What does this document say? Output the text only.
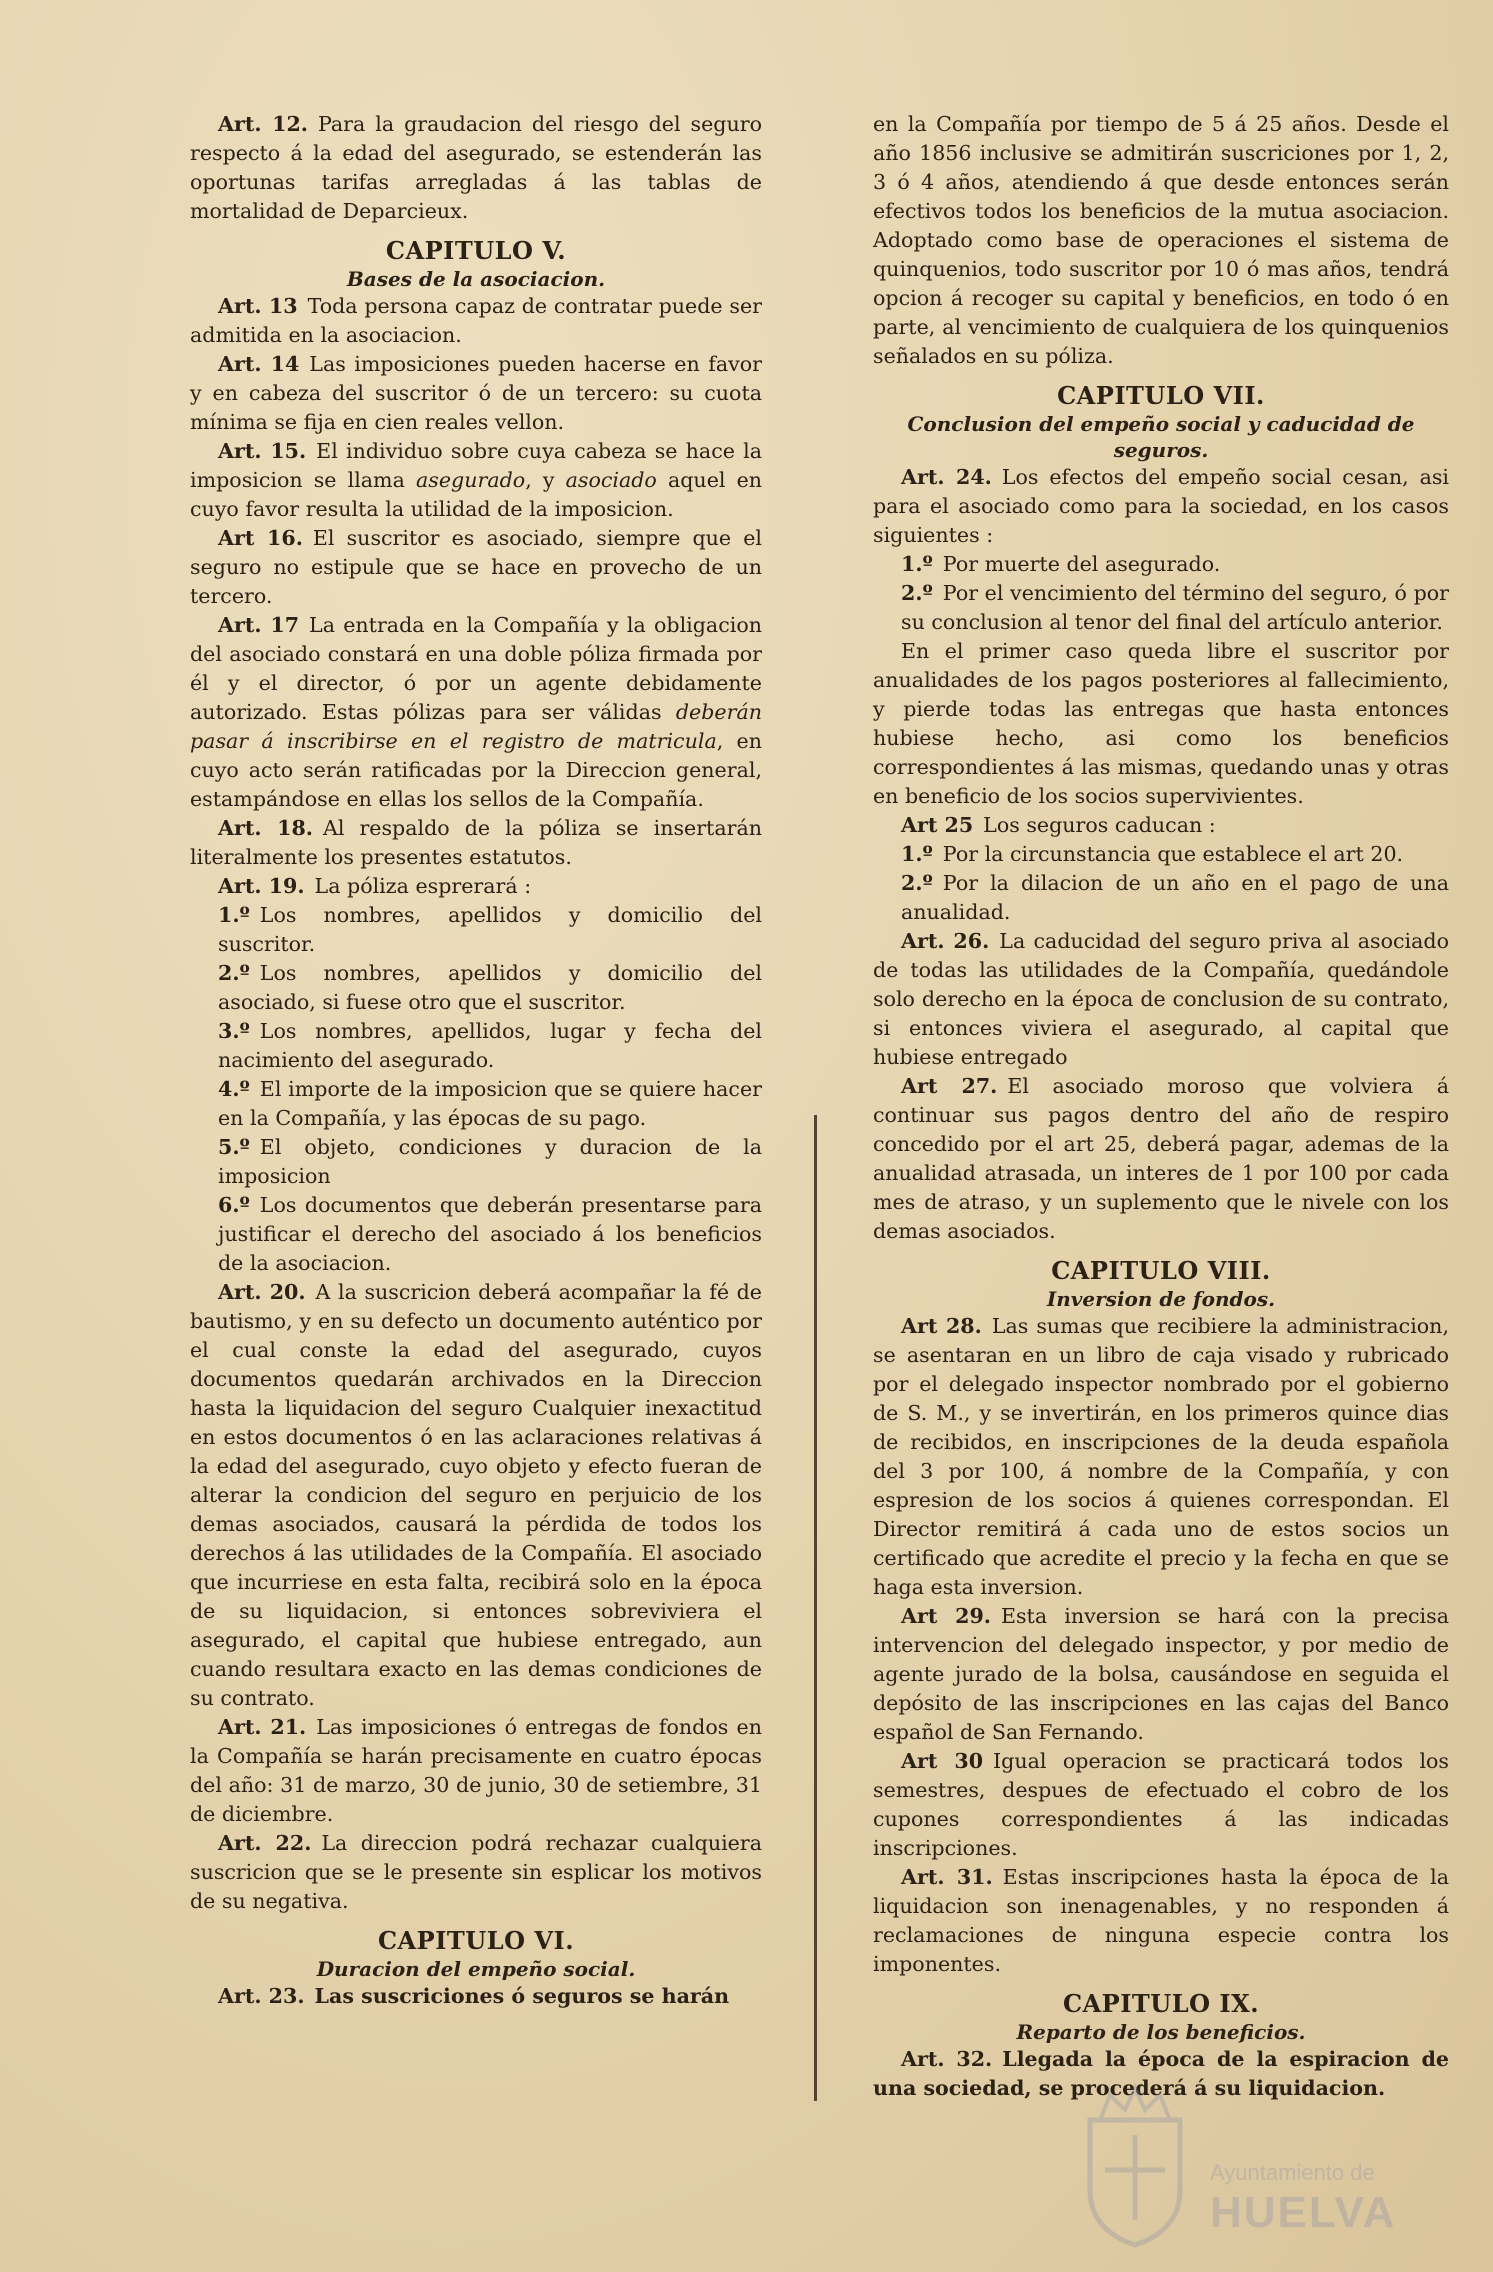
Art. 12. Para la graudacion del riesgo del seguro respecto á la edad del asegurado, se estenderán las oportunas tarifas arregladas á las tablas de mortalidad de Deparcieux.

CAPITULO V.

Bases de la asociacion.

Art. 13 Toda persona capaz de contratar puede ser admitida en la asociacion.

Art. 14 Las imposiciones pueden hacerse en favor y en cabeza del suscritor ó de un tercero: su cuota mínima se fija en cien reales vellon.

Art. 15. El individuo sobre cuya cabeza se hace la imposicion se llama asegurado, y asociado aquel en cuyo favor resulta la utilidad de la imposicion.

Art 16. El suscritor es asociado, siempre que el seguro no estipule que se hace en provecho de un tercero.

Art. 17 La entrada en la Compañía y la obligacion del asociado constará en una doble póliza firmada por él y el director, ó por un agente debidamente autorizado. Estas pólizas para ser válidas deberán pasar á inscribirse en el registro de matricula, en cuyo acto serán ratificadas por la Direccion general, estampándose en ellas los sellos de la Compañía.

Art. 18. Al respaldo de la póliza se insertarán literalmente los presentes estatutos.

Art. 19. La póliza esprerará :

1.º Los nombres, apellidos y domicilio del suscritor.

2.º Los nombres, apellidos y domicilio del asociado, si fuese otro que el suscritor.

3.º Los nombres, apellidos, lugar y fecha del nacimiento del asegurado.

4.º El importe de la imposicion que se quiere hacer en la Compañía, y las épocas de su pago.

5.º El objeto, condiciones y duracion de la imposicion

6.º Los documentos que deberán presentarse para justificar el derecho del asociado á los beneficios de la asociacion.

Art. 20. A la suscricion deberá acompañar la fé de bautismo, y en su defecto un documento auténtico por el cual conste la edad del asegurado, cuyos documentos quedarán archivados en la Direccion hasta la liquidacion del seguro Cualquier inexactitud en estos documentos ó en las aclaraciones relativas á la edad del asegurado, cuyo objeto y efecto fueran de alterar la condicion del seguro en perjuicio de los demas asociados, causará la pérdida de todos los derechos á las utilidades de la Compañía. El asociado que incurriese en esta falta, recibirá solo en la época de su liquidacion, si entonces sobreviviera el asegurado, el capital que hubiese entregado, aun cuando resultara exacto en las demas condiciones de su contrato.

Art. 21. Las imposiciones ó entregas de fondos en la Compañía se harán precisamente en cuatro épocas del año: 31 de marzo, 30 de junio, 30 de setiembre, 31 de diciembre.

Art. 22. La direccion podrá rechazar cualquiera suscricion que se le presente sin esplicar los motivos de su negativa.

CAPITULO VI.

Duracion del empeño social.

Art. 23. Las suscriciones ó seguros se harán

en la Compañía por tiempo de 5 á 25 años. Desde el año 1856 inclusive se admitirán suscriciones por 1, 2, 3 ó 4 años, atendiendo á que desde entonces serán efectivos todos los beneficios de la mutua asociacion. Adoptado como base de operaciones el sistema de quinquenios, todo suscritor por 10 ó mas años, tendrá opcion á recoger su capital y beneficios, en todo ó en parte, al vencimiento de cualquiera de los quinquenios señalados en su póliza.

CAPITULO VII.

Conclusion del empeño social y caducidad de seguros.

Art. 24. Los efectos del empeño social cesan, asi para el asociado como para la sociedad, en los casos siguientes :

1.º Por muerte del asegurado.

2.º Por el vencimiento del término del seguro, ó por su conclusion al tenor del final del artículo anterior.

En el primer caso queda libre el suscritor por anualidades de los pagos posteriores al fallecimiento, y pierde todas las entregas que hasta entonces hubiese hecho, asi como los beneficios correspondientes á las mismas, quedando unas y otras en beneficio de los socios supervivientes.

Art 25 Los seguros caducan :

1.º Por la circunstancia que establece el art 20.

2.º Por la dilacion de un año en el pago de una anualidad.

Art. 26. La caducidad del seguro priva al asociado de todas las utilidades de la Compañía, quedándole solo derecho en la época de conclusion de su contrato, si entonces viviera el asegurado, al capital que hubiese entregado

Art 27. El asociado moroso que volviera á continuar sus pagos dentro del año de respiro concedido por el art 25, deberá pagar, ademas de la anualidad atrasada, un interes de 1 por 100 por cada mes de atraso, y un suplemento que le nivele con los demas asociados.

CAPITULO VIII.

Inversion de fondos.

Art 28. Las sumas que recibiere la administracion, se asentaran en un libro de caja visado y rubricado por el delegado inspector nombrado por el gobierno de S. M., y se invertirán, en los primeros quince dias de recibidos, en inscripciones de la deuda española del 3 por 100, á nombre de la Compañía, y con espresion de los socios á quienes correspondan. El Director remitirá á cada uno de estos socios un certificado que acredite el precio y la fecha en que se haga esta inversion.

Art 29. Esta inversion se hará con la precisa intervencion del delegado inspector, y por medio de agente jurado de la bolsa, causándose en seguida el depósito de las inscripciones en las cajas del Banco español de San Fernando.

Art 30 Igual operacion se practicará todos los semestres, despues de efectuado el cobro de los cupones correspondientes á las indicadas inscripciones.

Art. 31. Estas inscripciones hasta la época de la liquidacion son inenagenables, y no responden á reclamaciones de ninguna especie contra los imponentes.

CAPITULO IX.

Reparto de los beneficios.

Art. 32. Llegada la época de la espiracion de una sociedad, se procederá á su liquidacion.

Ayuntamiento de
HUELVA
